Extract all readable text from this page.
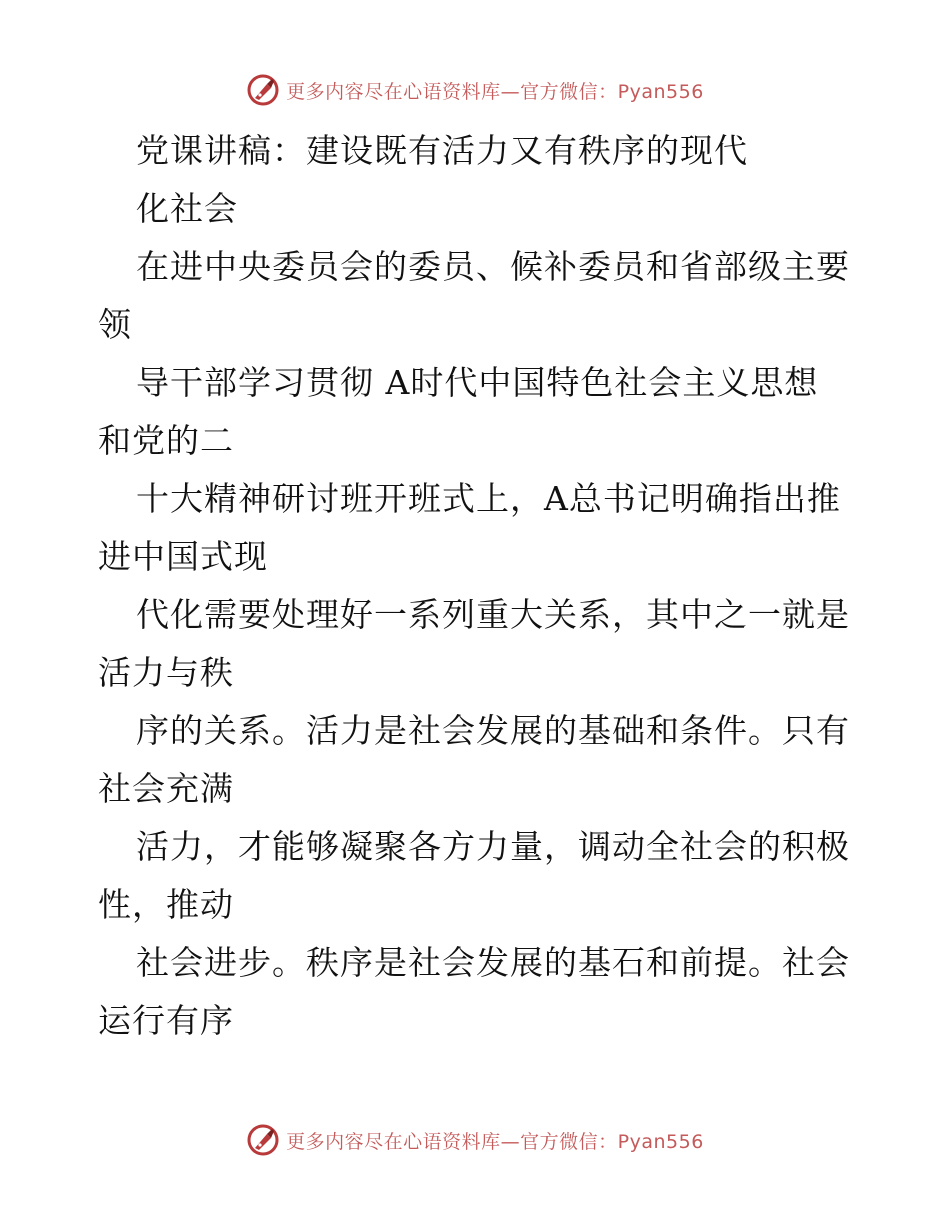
更多内容尽在心语资料库—官方微信：Pyan556
党课讲稿：建设既有活力又有秩序的现代
化社会
在进中央委员会的委员、候补委员和省部级主要
领
导干部学习贯彻 A时代中国特色社会主义思想
和党的二
十大精神研讨班开班式上，A总书记明确指出推
进中国式现
代化需要处理好一系列重大关系，其中之一就是
活力与秩
序的关系。活力是社会发展的基础和条件。只有
社会充满
活力，才能够凝聚各方力量，调动全社会的积极
性，推动
社会进步。秩序是社会发展的基石和前提。社会
运行有序
更多内容尽在心语资料库—官方微信：Pyan556
